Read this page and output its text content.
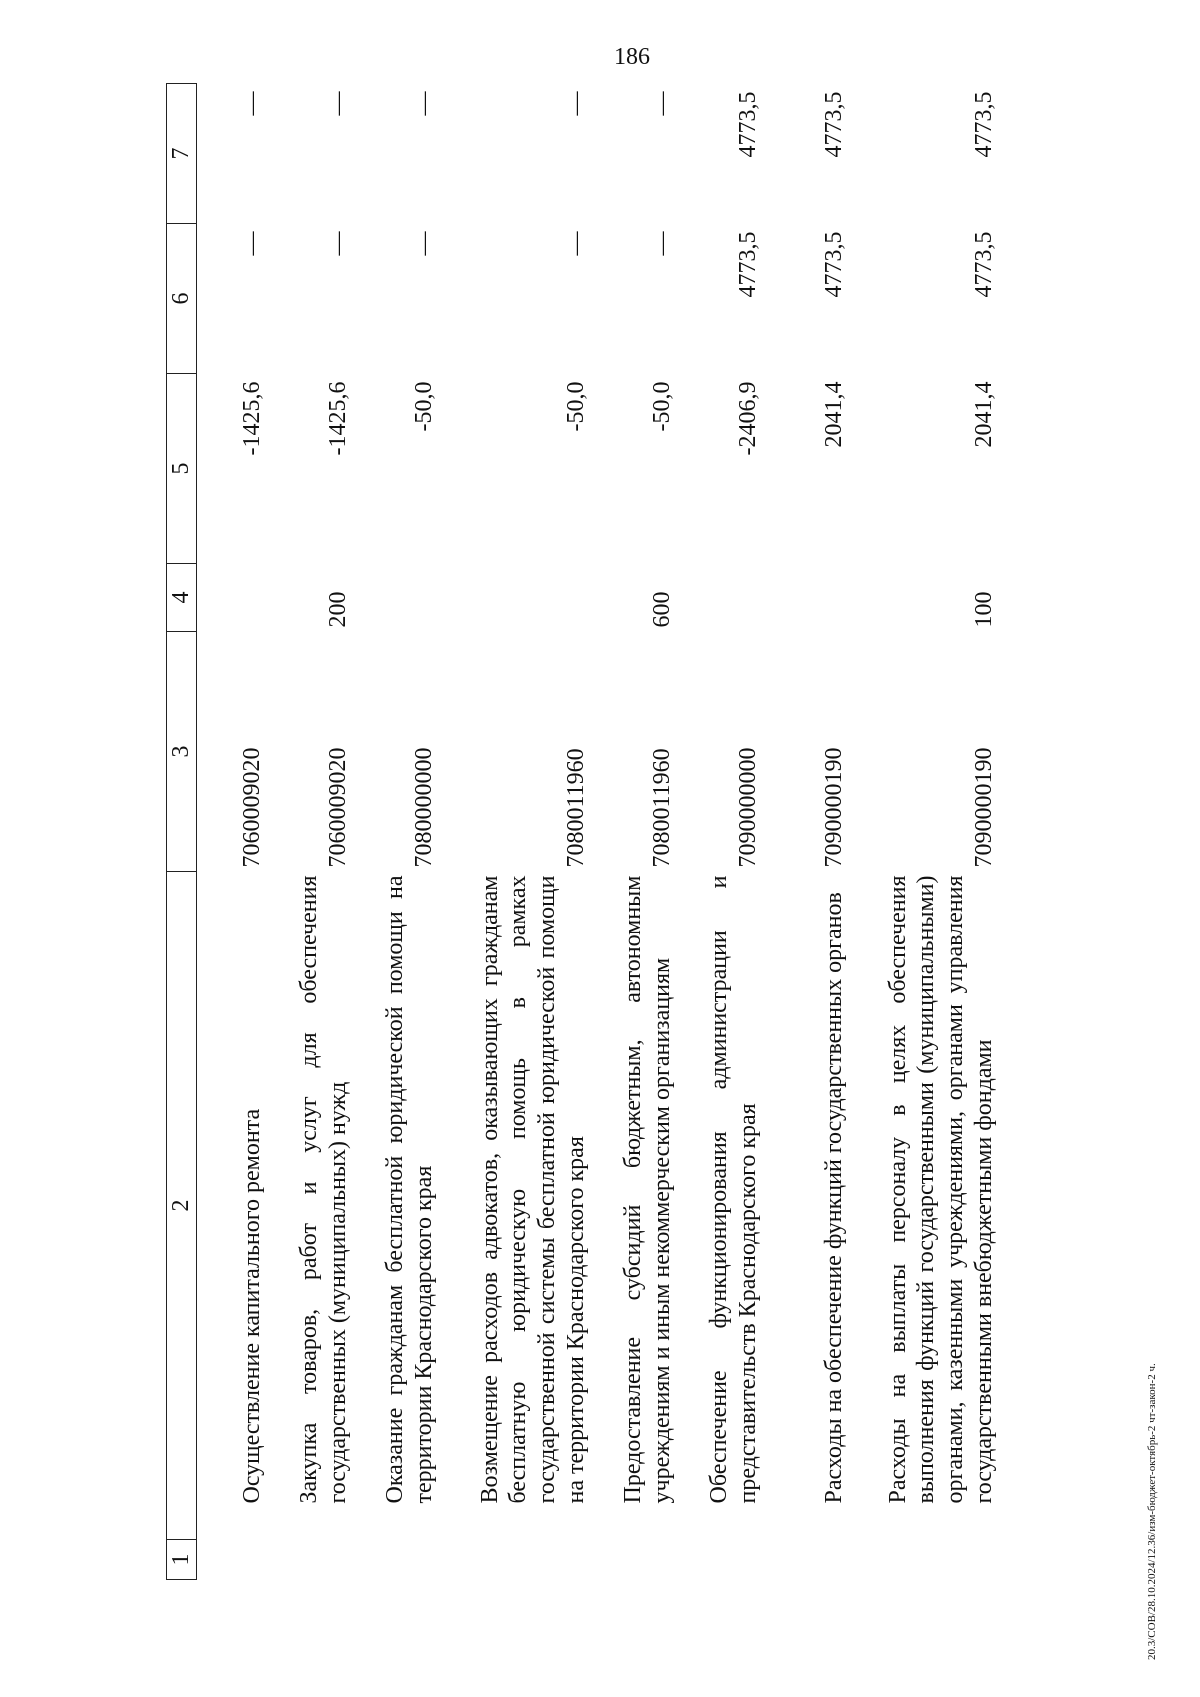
186
1	2	3	4	5	6	7
	Осуществление капитального ремонта	7060009020		-1425,6	—	—
	Закупка товаров, работ и услуг для обеспечения государственных (муниципальных) нужд	7060009020	200	-1425,6	—	—
	Оказание гражданам бесплатной юридической помощи на территории Краснодарского края	7080000000		-50,0	—	—
	Возмещение расходов адвокатов, оказывающих гражданам бесплатную юридическую помощь в рамках государственной системы бесплатной юридической помощи на территории Краснодарского края	7080011960		-50,0	—	—
	Предоставление субсидий бюджетным, автономным учреждениям и иным некоммерческим организациям	7080011960	600	-50,0	—	—
	Обеспечение функционирования администрации и представительств Краснодарского края	7090000000		-2406,9	4773,5	4773,5
	Расходы на обеспечение функций государственных органов	7090000190		2041,4	4773,5	4773,5
	Расходы на выплаты персоналу в целях обеспечения выполнения функций государственными (муниципальными) органами, казенными учреждениями, органами управления государственными внебюджетными фондами	7090000190	100	2041,4	4773,5	4773,5
20.3/СОВ/28.10.2024/12.36/изм-бюджет-октябрь-2 чт-закон-2 ч.
